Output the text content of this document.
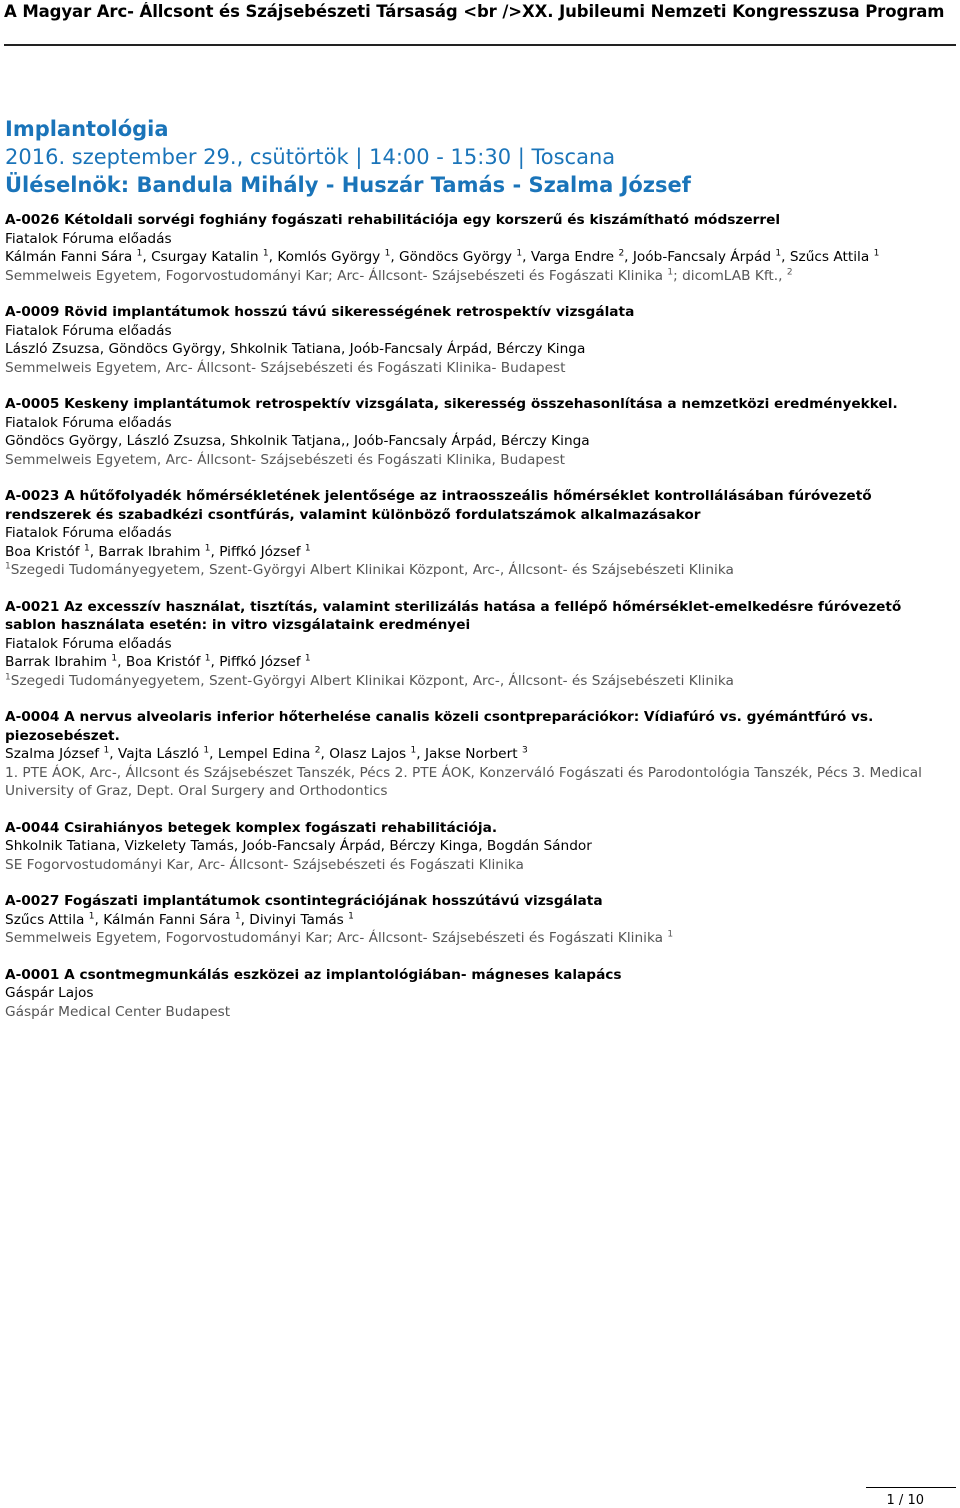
A Magyar Arc- Állcsont és Szájsebészeti Társaság <br />XX. Jubileumi Nemzeti Kongresszusa Program
Implantológia
2016. szeptember 29., csütörtök | 14:00 - 15:30 | Toscana
Üléselnök: Bandula Mihály - Huszár Tamás - Szalma József
A-0026 Kétoldali sorvégi foghiány fogászati rehabilitációja egy korszerű és kiszámítható módszerrel
Fiatalok Fóruma előadás
Kálmán Fanni Sára $^1$, Csurgay Katalin $^1$, Komlós György $^1$, Göndöcs György $^1$, Varga Endre $^2$, Joób-Fancsaly Árpád $^1$, Szűcs Attila $^1$
Semmelweis Egyetem, Fogorvostudományi Kar; Arc- Állcsont- Szájsebészeti és Fogászati Klinika $^1$; dicomLAB Kft., $^2$
A-0009 Rövid implantátumok hosszú távú sikerességének retrospektív vizsgálata
Fiatalok Fóruma előadás
László Zsuzsa, Göndöcs György, Shkolnik Tatiana, Joób-Fancsaly Árpád, Bérczy Kinga
Semmelweis Egyetem, Arc- Állcsont- Szájsebészeti és Fogászati Klinika- Budapest
A-0005 Keskeny implantátumok retrospektív vizsgálata, sikeresség összehasonlítása a nemzetközi eredményekkel.
Fiatalok Fóruma előadás
Göndöcs György, László Zsuzsa, Shkolnik Tatjana,, Joób-Fancsaly Árpád, Bérczy Kinga
Semmelweis Egyetem, Arc- Állcsont- Szájsebészeti és Fogászati Klinika, Budapest
A-0023 A hűtőfolyadék hőmérsékletének jelentősége az intraosszeális hőmérséklet kontrollálásában fúróvezető rendszerek és szabadkézi csontfúrás, valamint különböző fordulatszámok alkalmazásakor
Fiatalok Fóruma előadás
Boa Kristóf $^1$, Barrak Ibrahim $^1$, Piffkó József $^1$
$^1$Szegedi Tudományegyetem, Szent-Györgyi Albert Klinikai Központ, Arc-, Állcsont- és Szájsebészeti Klinika
A-0021 Az excesszív használat, tisztítás, valamint sterilizálás hatása a fellépő hőmérséklet-emelkedésre fúróvezető sablon használata esetén: in vitro vizsgálataink eredményei
Fiatalok Fóruma előadás
Barrak Ibrahim $^1$, Boa Kristóf $^1$, Piffkó József $^1$
$^1$Szegedi Tudományegyetem, Szent-Györgyi Albert Klinikai Központ, Arc-, Állcsont- és Szájsebészeti Klinika
A-0004 A nervus alveolaris inferior hőterhelése canalis közeli csontpreparációkor: Vídiafúró vs. gyémántfúró vs. piezosebészet.
Szalma József $^1$, Vajta László $^1$, Lempel Edina $^2$, Olasz Lajos $^1$, Jakse Norbert $^3$
1. PTE ÁOK, Arc-, Állcsont és Szájsebészet Tanszék, Pécs 2. PTE ÁOK, Konzerváló Fogászati és Parodontológia Tanszék, Pécs 3. Medical University of Graz, Dept. Oral Surgery and Orthodontics
A-0044 Csirahiányos betegek komplex fogászati rehabilitációja.
Shkolnik Tatiana, Vizkelety Tamás, Joób-Fancsaly Árpád, Bérczy Kinga, Bogdán Sándor
SE Fogorvostudományi Kar, Arc- Állcsont- Szájsebészeti és Fogászati Klinika
A-0027 Fogászati implantátumok csontintegrációjának hosszútávú vizsgálata
Szűcs Attila $^1$, Kálmán Fanni Sára $^1$, Divinyi Tamás $^1$
Semmelweis Egyetem, Fogorvostudományi Kar; Arc- Állcsont- Szájsebészeti és Fogászati Klinika $^1$
A-0001 A csontmegmunkálás eszközei az implantológiában- mágneses kalapács
Gáspár Lajos
Gáspár Medical Center Budapest
1 / 10
